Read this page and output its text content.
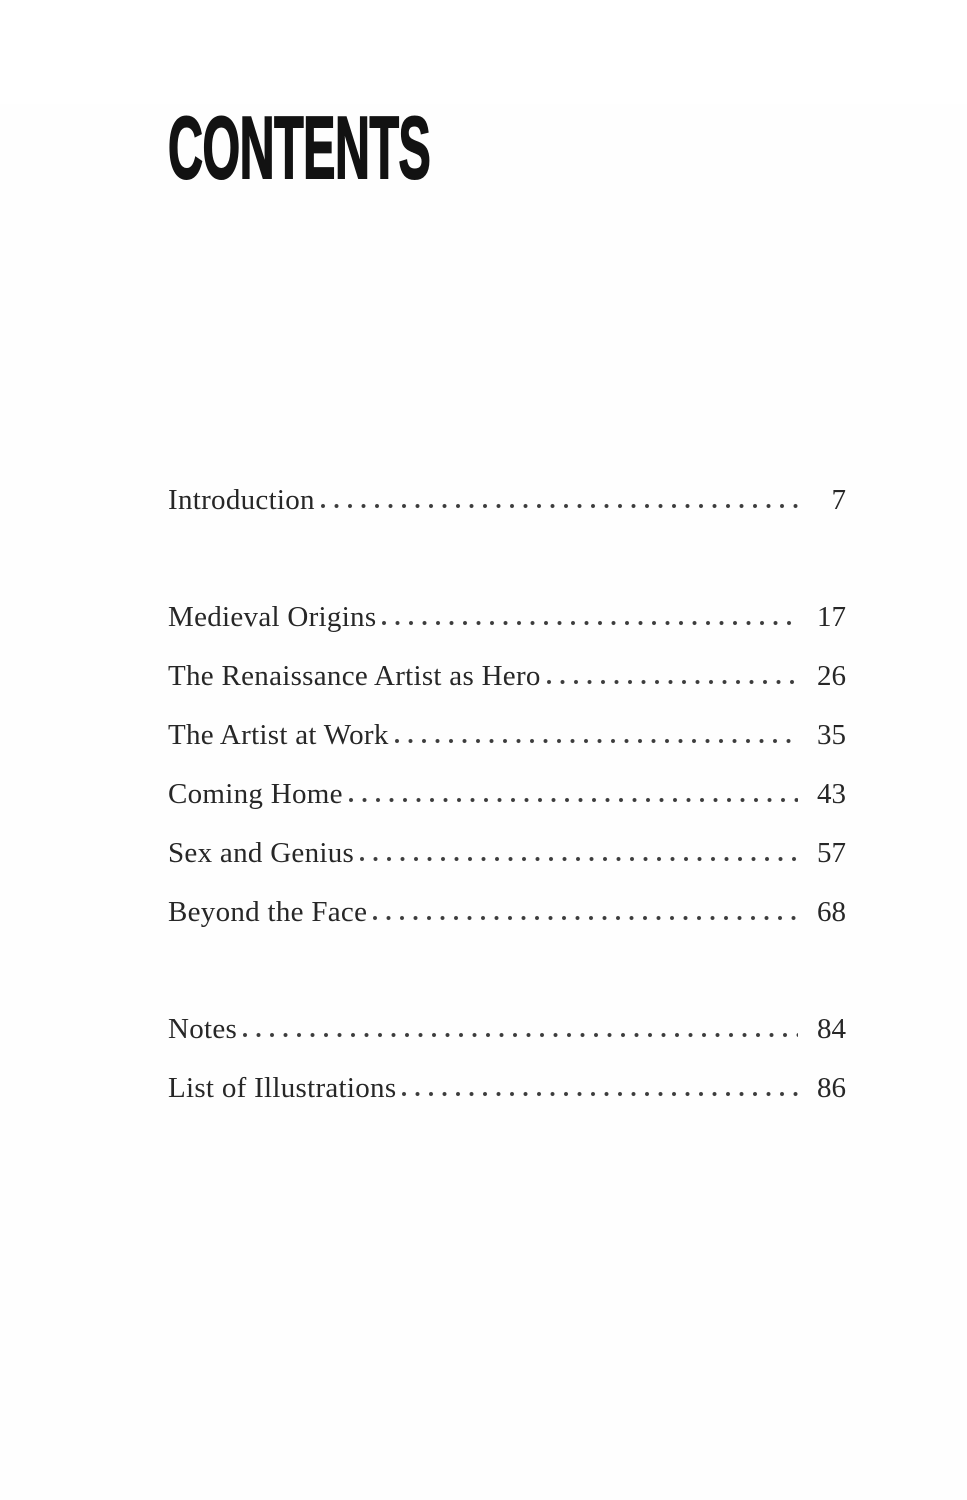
CONTENTS
Introduction	7
Medieval Origins	17
The Renaissance Artist as Hero	26
The Artist at Work	35
Coming Home	43
Sex and Genius	57
Beyond the Face	68
Notes	84
List of Illustrations	86
